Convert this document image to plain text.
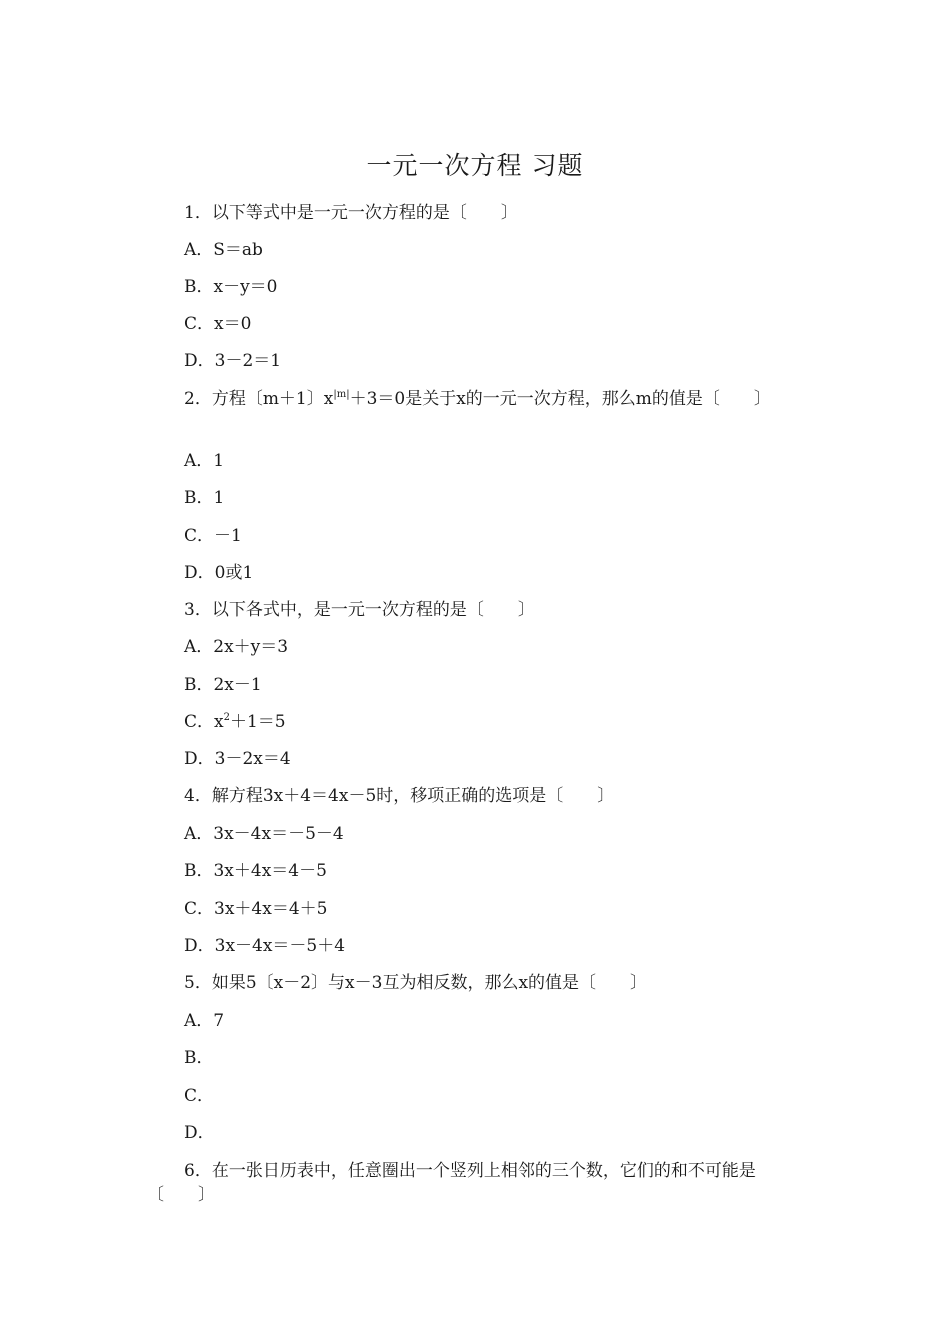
一元一次方程 习题

1．以下等式中是一元一次方程的是〔　　〕

A．S＝ab

B．x－y＝0

C．x＝0

D．3－2＝1

2．方程〔m＋1〕$x^{|m|}+3=0$是关于x的一元一次方程，那么m的值是〔　　〕

A．1

B．1

C．－1

D．0或1

3．以下各式中，是一元一次方程的是〔　　〕

A．2x＋y＝3

B．2x－1

C．$x^2+1=5$

D．3－2x＝4

4．解方程3x＋4＝4x－5时，移项正确的选项是〔　　〕

A．3x－4x＝－5－4

B．3x＋4x＝4－5

C．3x＋4x＝4＋5

D．3x－4x＝－5＋4

5．如果5〔x－2〕与x－3互为相反数，那么x的值是〔　　〕

A．7

B．

C．

D．

6．在一张日历表中，任意圈出一个竖列上相邻的三个数，它们的和不可能是〔　　〕
